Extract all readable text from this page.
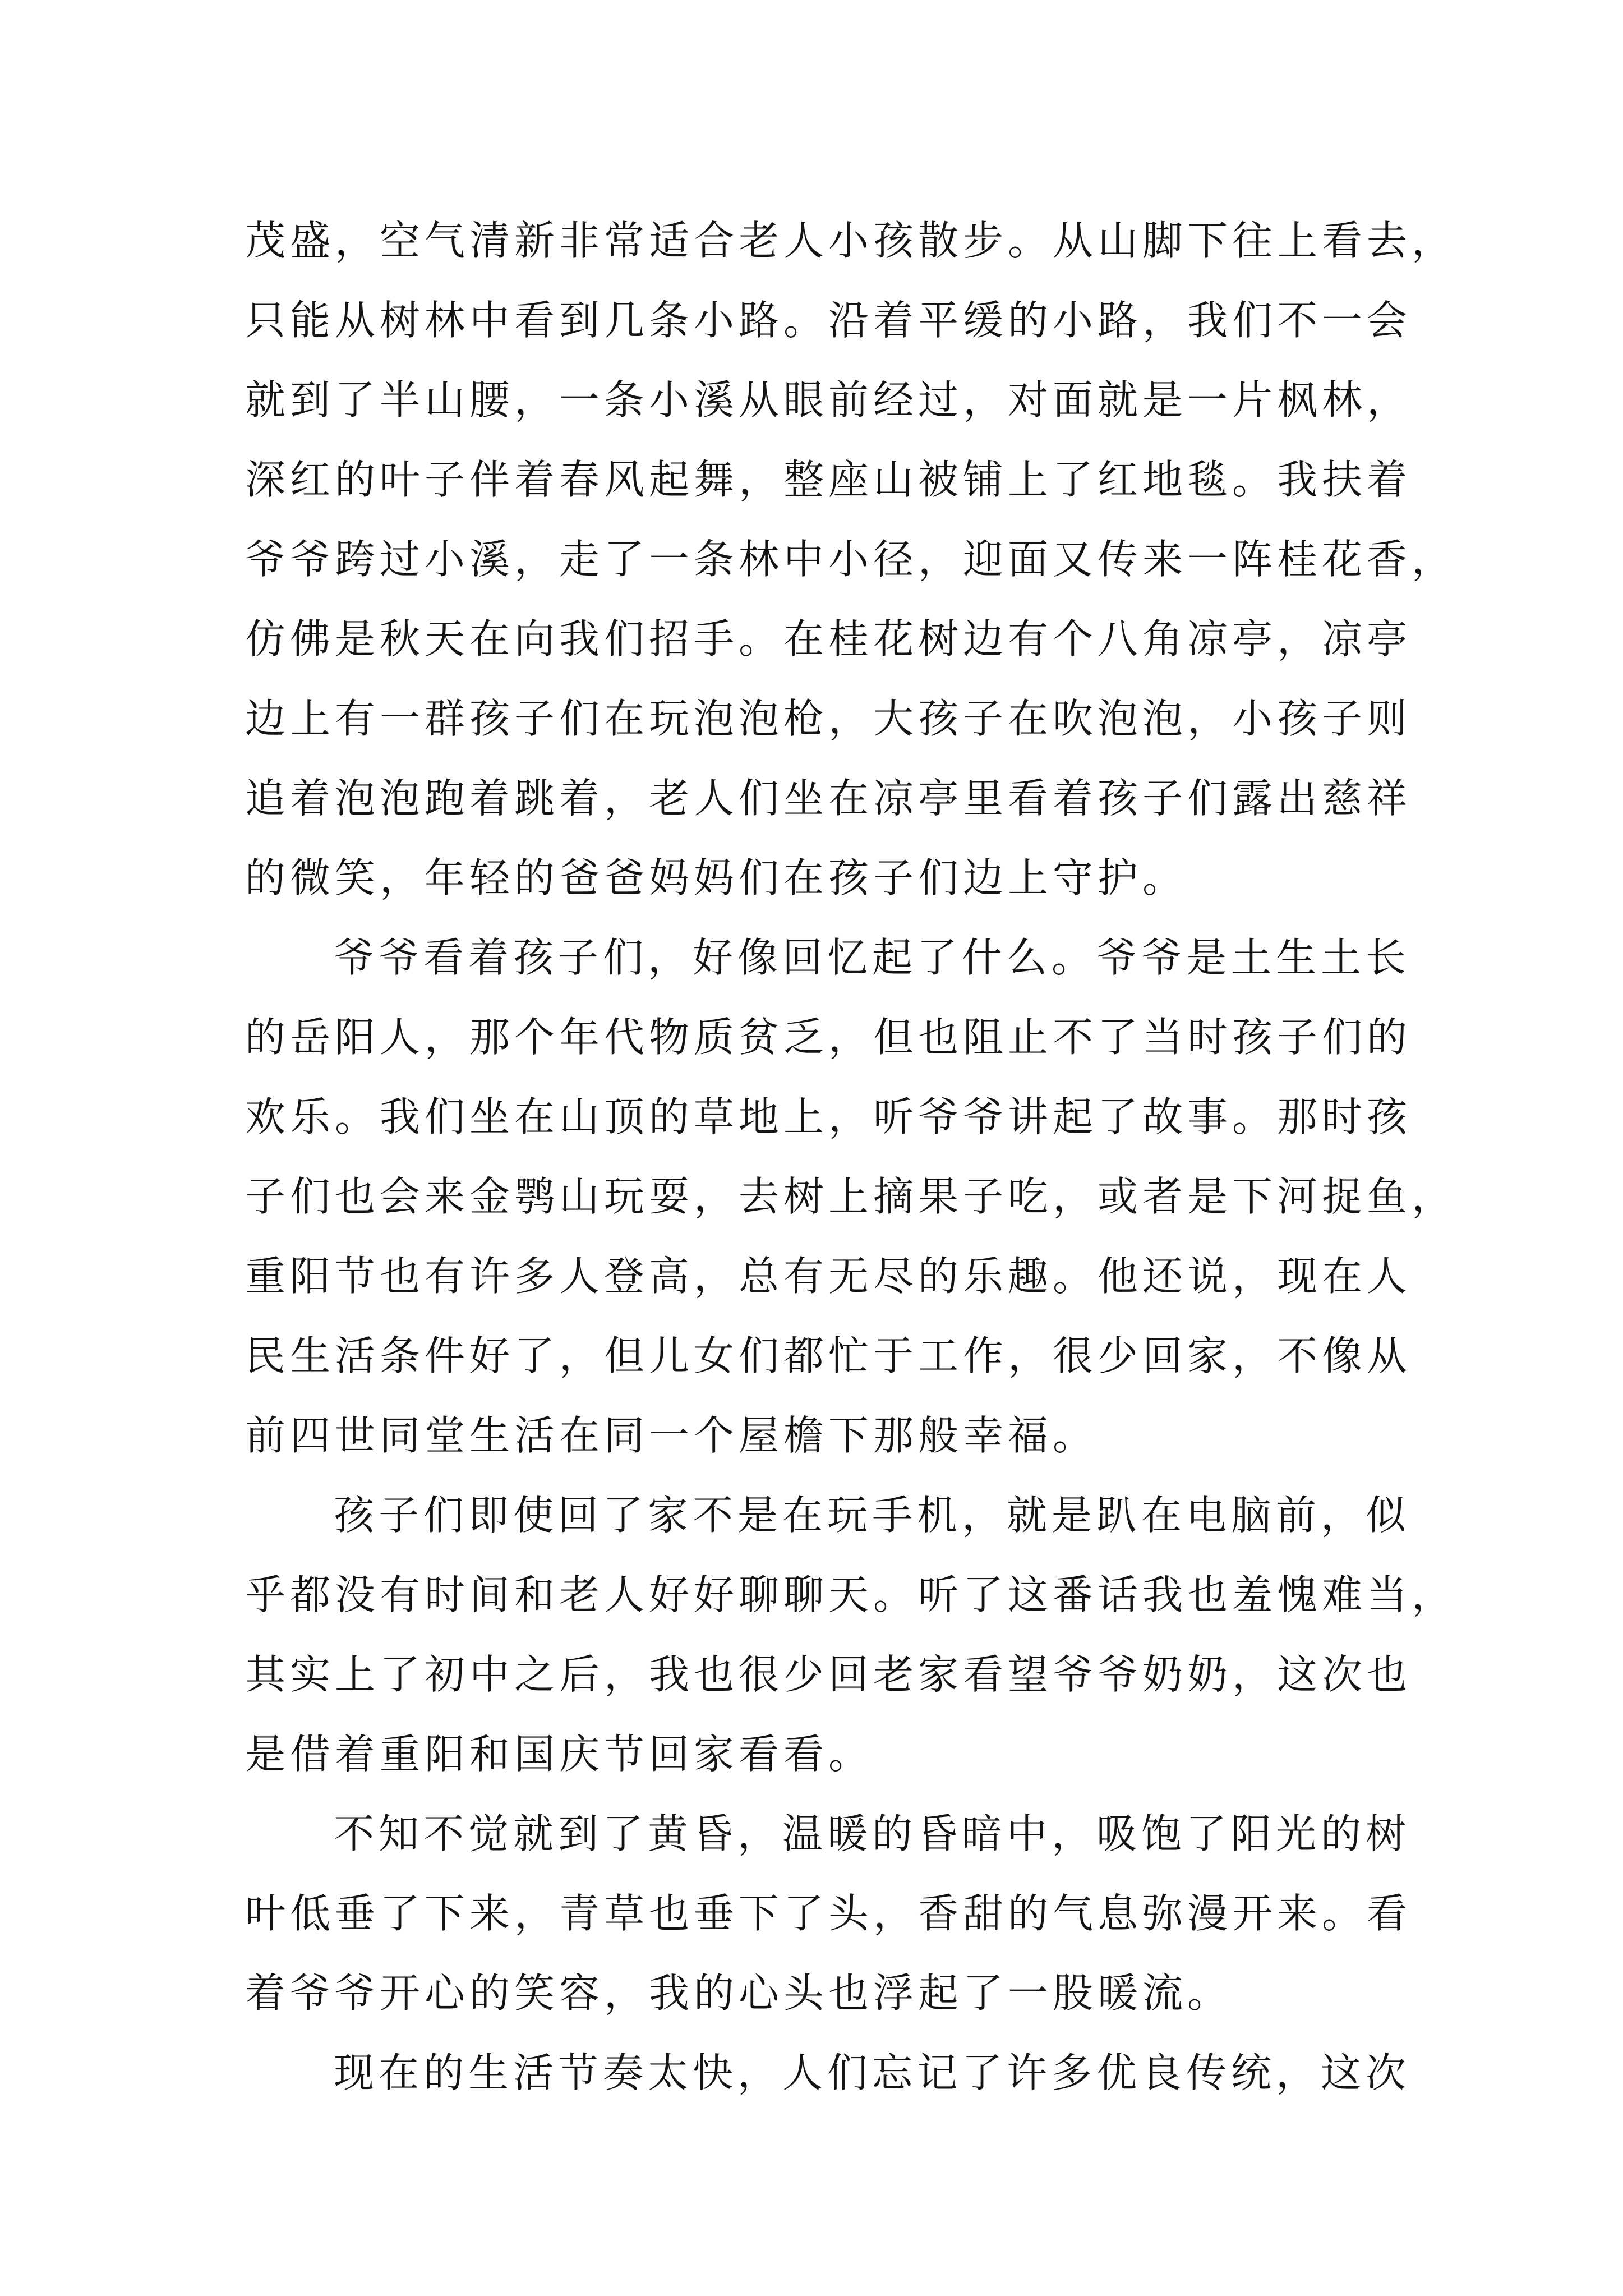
茂盛，空气清新非常适合老人小孩散步。从山脚下往上看去，
只能从树林中看到几条小路。沿着平缓的小路，我们不一会
就到了半山腰，一条小溪从眼前经过，对面就是一片枫林，
深红的叶子伴着春风起舞，整座山被铺上了红地毯。我扶着
爷爷跨过小溪，走了一条林中小径，迎面又传来一阵桂花香，
仿佛是秋天在向我们招手。在桂花树边有个八角凉亭，凉亭
边上有一群孩子们在玩泡泡枪，大孩子在吹泡泡，小孩子则
追着泡泡跑着跳着，老人们坐在凉亭里看着孩子们露出慈祥
的微笑，年轻的爸爸妈妈们在孩子们边上守护。
爷爷看着孩子们，好像回忆起了什么。爷爷是土生土长
的岳阳人，那个年代物质贫乏，但也阻止不了当时孩子们的
欢乐。我们坐在山顶的草地上，听爷爷讲起了故事。那时孩
子们也会来金鹗山玩耍，去树上摘果子吃，或者是下河捉鱼，
重阳节也有许多人登高，总有无尽的乐趣。他还说，现在人
民生活条件好了，但儿女们都忙于工作，很少回家，不像从
前四世同堂生活在同一个屋檐下那般幸福。
孩子们即使回了家不是在玩手机，就是趴在电脑前，似
乎都没有时间和老人好好聊聊天。听了这番话我也羞愧难当，
其实上了初中之后，我也很少回老家看望爷爷奶奶，这次也
是借着重阳和国庆节回家看看。
不知不觉就到了黄昏，温暖的昏暗中，吸饱了阳光的树
叶低垂了下来，青草也垂下了头，香甜的气息弥漫开来。看
着爷爷开心的笑容，我的心头也浮起了一股暖流。
现在的生活节奏太快，人们忘记了许多优良传统，这次
